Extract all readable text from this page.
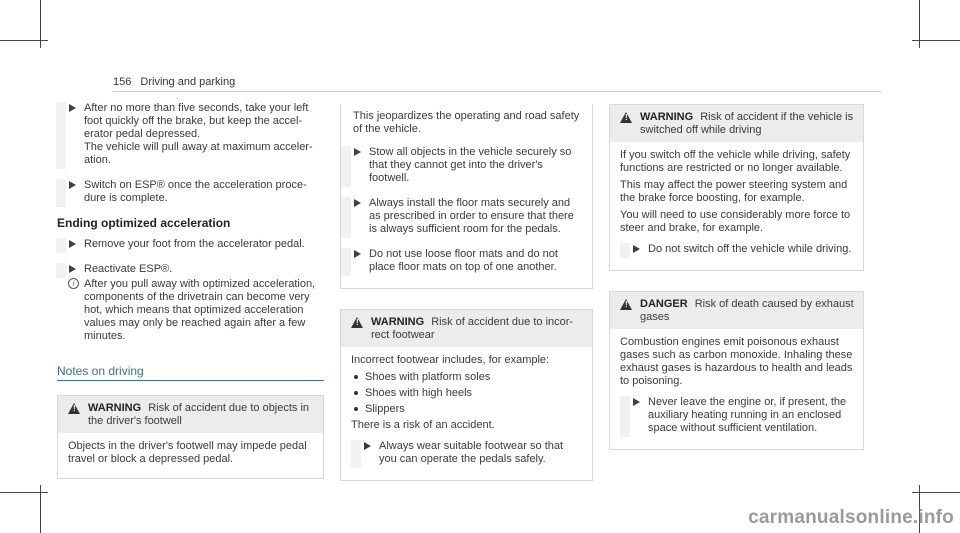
156 Driving and parking

After no more than five seconds, take your left foot quickly off the brake, but keep the accelerator pedal depressed.
The vehicle will pull away at maximum acceleration.

Switch on ESP® once the acceleration procedure is complete.

Ending optimized acceleration

Remove your foot from the accelerator pedal.

Reactivate ESP®.

i After you pull away with optimized acceleration, components of the drivetrain can become very hot, which means that optimized acceleration values may only be reached again after a few minutes.

Notes on driving
! WARNING Risk of accident due to objects in the driver's footwell

Objects in the driver's footwell may impede pedal travel or block a depressed pedal.

This jeopardizes the operating and road safety of the vehicle.

Stow all objects in the vehicle securely so that they cannot get into the driver's footwell.

Always install the floor mats securely and as prescribed in order to ensure that there is always sufficient room for the pedals.

Do not use loose floor mats and do not place floor mats on top of one another.

! WARNING Risk of accident due to incorrect footwear

Incorrect footwear includes, for example:

Shoes with platform soles
Shoes with high heels
Slippers

There is a risk of an accident.

Always wear suitable footwear so that you can operate the pedals safely.

! WARNING Risk of accident if the vehicle is switched off while driving

If you switch off the vehicle while driving, safety functions are restricted or no longer available.

This may affect the power steering system and the brake force boosting, for example.

You will need to use considerably more force to steer and brake, for example.

Do not switch off the vehicle while driving.

! DANGER Risk of death caused by exhaust gases

Combustion engines emit poisonous exhaust gases such as carbon monoxide. Inhaling these exhaust gases is hazardous to health and leads to poisoning.

Never leave the engine or, if present, the auxiliary heating running in an enclosed space without sufficient ventilation.

carmanualsonline.info
